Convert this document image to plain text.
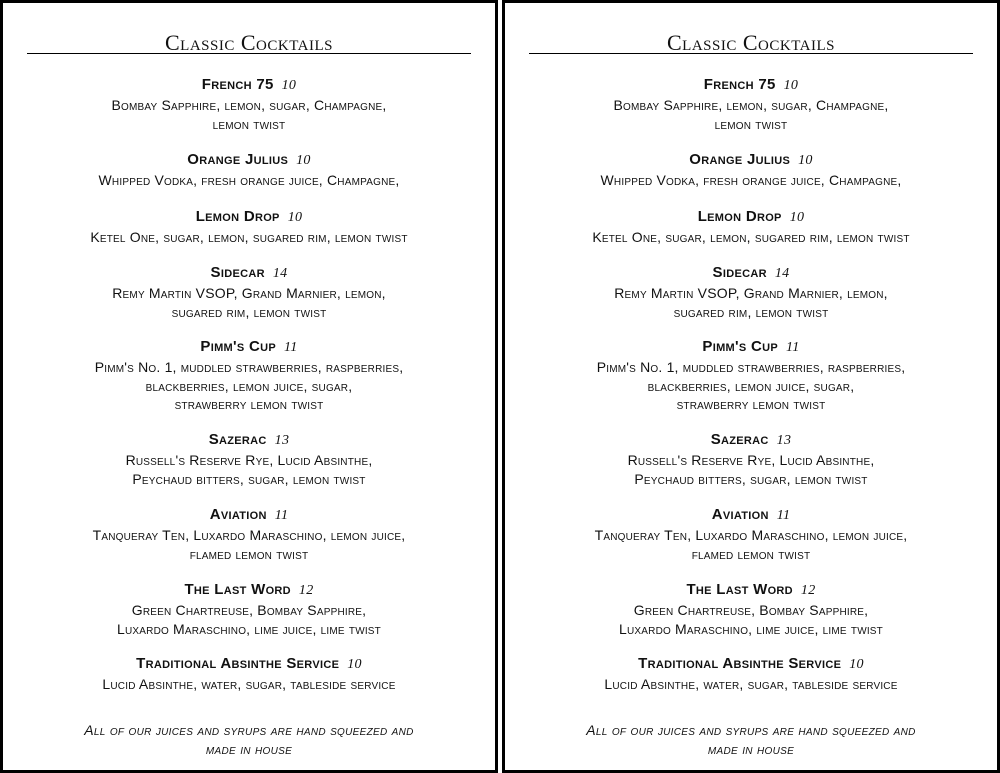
Classic Cocktails
French 75 10
Bombay Sapphire, lemon, sugar, Champagne,
lemon twist
Orange Julius 10
Whipped Vodka, fresh orange juice, Champagne,
Lemon Drop 10
Ketel One, sugar, lemon, sugared rim, lemon twist
Sidecar 14
Remy Martin VSOP, Grand Marnier, lemon,
sugared rim, lemon twist
Pimm's Cup 11
Pimm's No. 1, muddled strawberries, raspberries,
blackberries, lemon juice, sugar,
strawberry lemon twist
Sazerac 13
Russell's Reserve Rye, Lucid Absinthe,
Peychaud bitters, sugar, lemon twist
Aviation 11
Tanqueray Ten, Luxardo Maraschino, lemon juice,
flamed lemon twist
The Last Word 12
Green Chartreuse, Bombay Sapphire,
Luxardo Maraschino, lime juice, lime twist
Traditional Absinthe Service 10
Lucid Absinthe, water, sugar, tableside service
All of our juices and syrups are hand squeezed and
made in house
Classic Cocktails
French 75 10
Bombay Sapphire, lemon, sugar, Champagne,
lemon twist
Orange Julius 10
Whipped Vodka, fresh orange juice, Champagne,
Lemon Drop 10
Ketel One, sugar, lemon, sugared rim, lemon twist
Sidecar 14
Remy Martin VSOP, Grand Marnier, lemon,
sugared rim, lemon twist
Pimm's Cup 11
Pimm's No. 1, muddled strawberries, raspberries,
blackberries, lemon juice, sugar,
strawberry lemon twist
Sazerac 13
Russell's Reserve Rye, Lucid Absinthe,
Peychaud bitters, sugar, lemon twist
Aviation 11
Tanqueray Ten, Luxardo Maraschino, lemon juice,
flamed lemon twist
The Last Word 12
Green Chartreuse, Bombay Sapphire,
Luxardo Maraschino, lime juice, lime twist
Traditional Absinthe Service 10
Lucid Absinthe, water, sugar, tableside service
All of our juices and syrups are hand squeezed and
made in house
